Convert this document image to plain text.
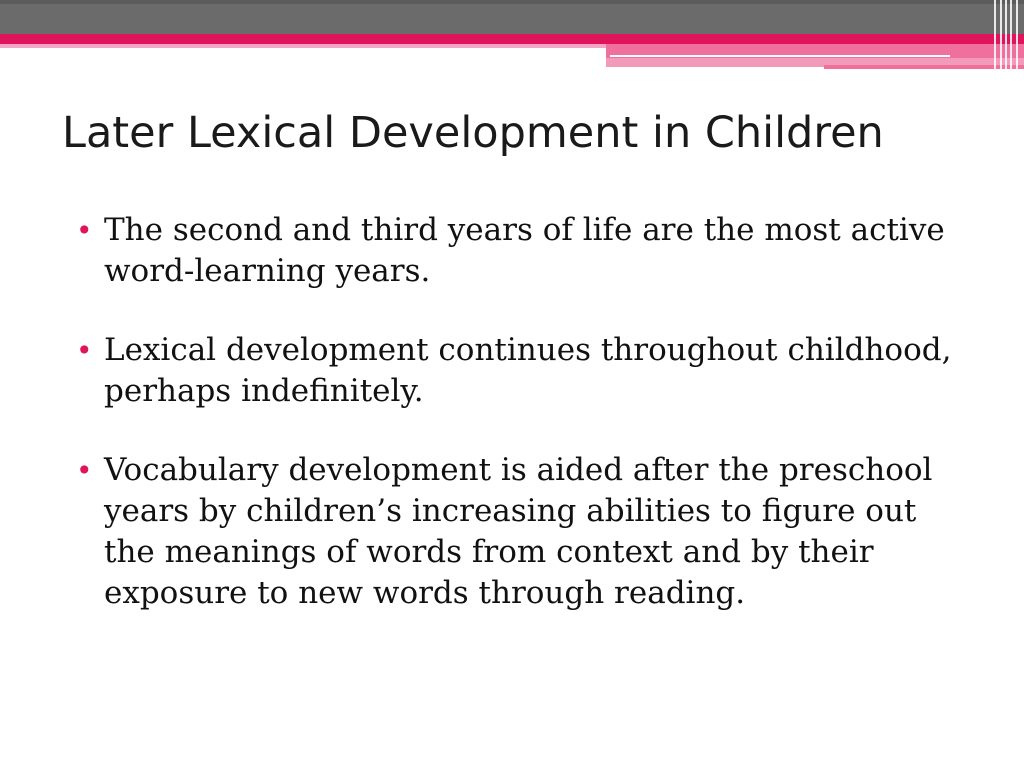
Later Lexical Development in Children
• The second and third years of life are the most active word-learning years.
• Lexical development continues throughout childhood, perhaps indefinitely.
• Vocabulary development is aided after the preschool years by children’s increasing abilities to figure out the meanings of words from context and by their exposure to new words through reading.
